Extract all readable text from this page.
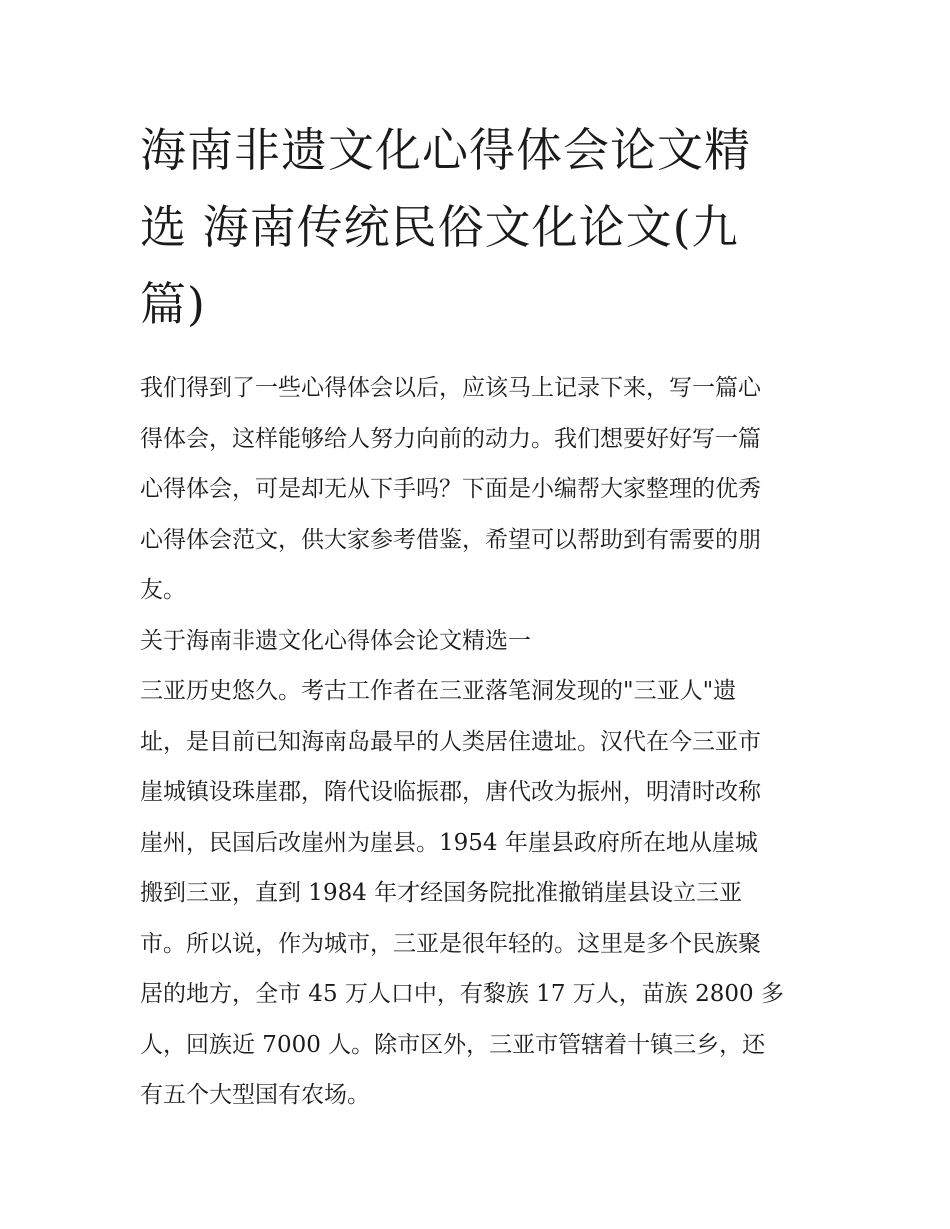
海南非遗文化心得体会论文精
选 海南传统民俗文化论文(九
篇)
我们得到了一些心得体会以后，应该马上记录下来，写一篇心
得体会，这样能够给人努力向前的动力。我们想要好好写一篇
心得体会，可是却无从下手吗？下面是小编帮大家整理的优秀
心得体会范文，供大家参考借鉴，希望可以帮助到有需要的朋
友。
关于海南非遗文化心得体会论文精选一
三亚历史悠久。考古工作者在三亚落笔洞发现的"三亚人"遗
址，是目前已知海南岛最早的人类居住遗址。汉代在今三亚市
崖城镇设珠崖郡，隋代设临振郡，唐代改为振州，明清时改称
崖州，民国后改崖州为崖县。1954 年崖县政府所在地从崖城
搬到三亚，直到 1984 年才经国务院批准撤销崖县设立三亚
市。所以说，作为城市，三亚是很年轻的。这里是多个民族聚
居的地方，全市 45 万人口中，有黎族 17 万人，苗族 2800 多
人，回族近 7000 人。除市区外，三亚市管辖着十镇三乡，还
有五个大型国有农场。
